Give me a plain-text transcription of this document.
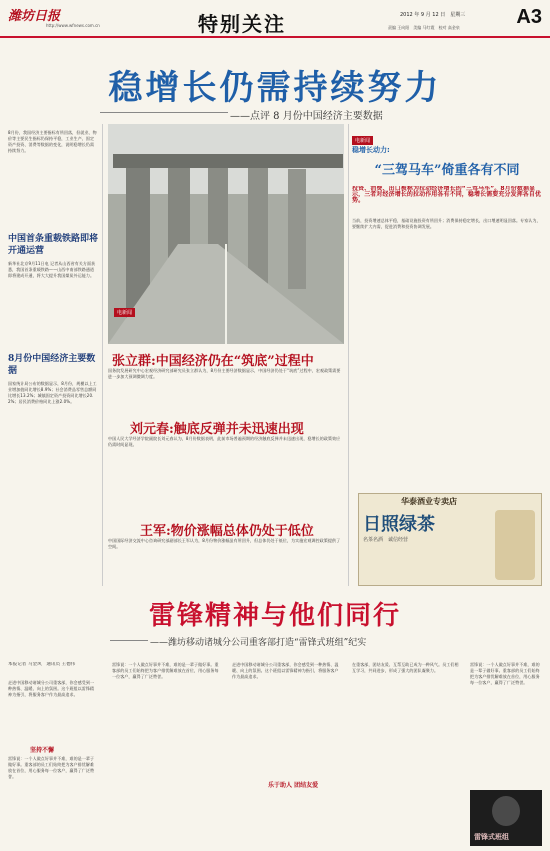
潍坊日报
http://www.wfnews.com.cn	特别关注	2012 年 9 月 12 日　星期三
责编 王向阳　美编 马红霞　校对 高金泉	A3
稳增长仍需持续努力
——点评 8 月份中国经济主要数据
8月份，我国经济主要指标有所回落，但就业、物价等主要民生指标仍保持平稳，工业生产、固定资产投资、消费等数据的变化，说明稳增长仍需持续努力。
中国首条重载铁路即将开通运营
新华社北京9月11日电 记者从山西省有关方面获悉，我国首条重载铁路——山西中南部铁路通道即将建成开通，将大大提升我国煤炭外运能力。
8月份中国经济主要数据
国家统计局公布的数据显示，8月份，规模以上工业增加值同比增长8.9%；社会消费品零售总额同比增长13.2%；城镇固定资产投资同比增长20.2%；居民消费价格同比上涨2.0%。
电新闻
张立群:中国经济仍在“筑底”过程中
国务院发展研究中心宏观经济研究部研究员张立群认为，8月份主要经济数据显示，中国经济仍处于“筑底”过程中，宏观政策需要进一步加大预调微调力度。
刘元春:触底反弹并未迅速出现
中国人民大学经济学院副院长刘元春认为，8月份数据表明，此前市场普遍预期的经济触底反弹并未迅速出现，稳增长的政策效应仍需时间显现。
王军:物价涨幅总体仍处于低位
中国国际经济交流中心咨询研究部副部长王军认为，8月份物价涨幅虽有所回升，但总体仍处于低位，为实施宏观调控政策提供了空间。
电新闻
稳增长动力:
“三驾马车”倚重各有不同
投资、消费、出口被称为拉动经济增长的“三驾马车”。8月份数据显示，三者对经济增长的拉动作用各有不同，稳增长需要充分发挥各自优势。
当前，投资增速总体平稳，基础设施投资有所回升；消费保持稳定增长，出口增速明显回落。专家认为，要继续扩大内需，促进消费和投资协调发展。
华泰酒业专卖店
日照绿茶
名茶名酒　诚信经营
雷锋精神与他们同行
——潍坊移动诸城分公司重客部打造“雷锋式班组”纪实
本报记者 马金风　通讯员 王德伟
走进中国移动诸城分公司重客部，你会感受到一种热情、温暖、向上的氛围。这个班组以雷锋精神为指引，将服务客户作为最高追求。
坚持不懈
雷锋说：一个人做点好事并不难，难的是一辈子做好事。重客部的员工们始终把为客户排忧解难放在首位，用心服务每一位客户，赢得了广泛赞誉。
雷锋说：一个人做点好事并不难，难的是一辈子做好事。重客部的员工们始终把为客户排忧解难放在首位，用心服务每一位客户，赢得了广泛赞誉。
走进中国移动诸城分公司重客部，你会感受到一种热情、温暖、向上的氛围。这个班组以雷锋精神为指引，将服务客户作为最高追求。
乐于助人 团结友爱
在重客部，团结友爱、互帮互助已成为一种风气。员工们相互学习，共同进步，形成了强大的团队凝聚力。
雷锋说：一个人做点好事并不难，难的是一辈子做好事。重客部的员工们始终把为客户排忧解难放在首位，用心服务每一位客户，赢得了广泛赞誉。
雷锋式班组
